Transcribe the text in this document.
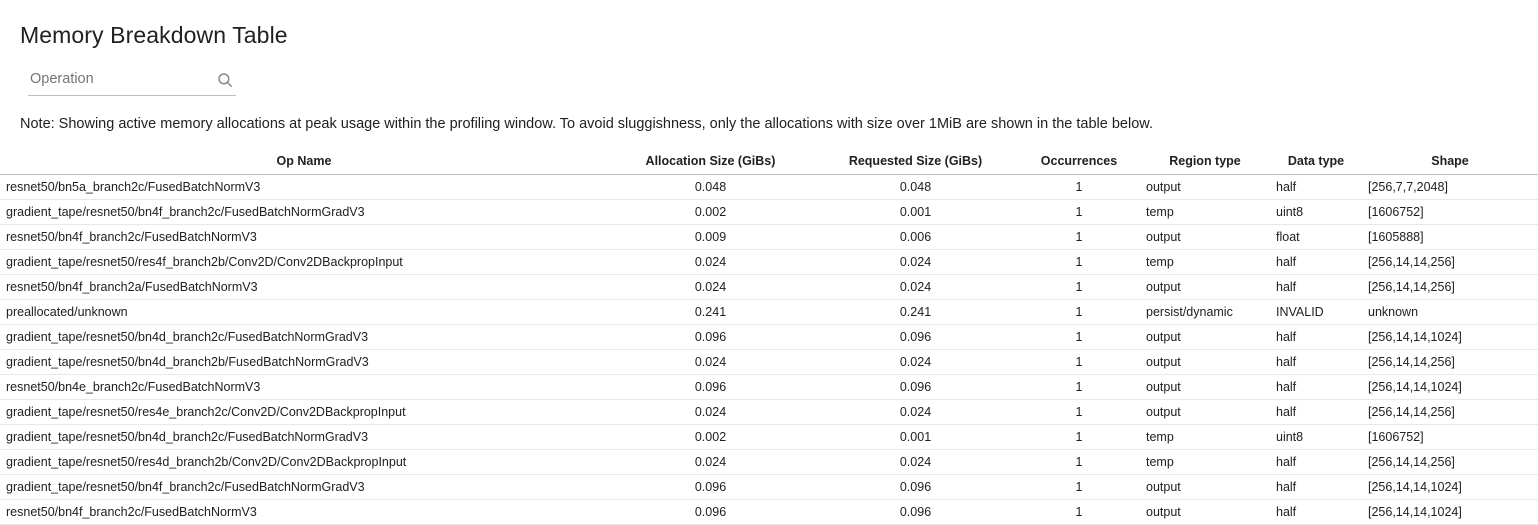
Memory Breakdown Table
Operation
Note: Showing active memory allocations at peak usage within the profiling window. To avoid sluggishness, only the allocations with size over 1MiB are shown in the table below.
Op Name	Allocation Size (GiBs)	Requested Size (GiBs)	Occurrences	Region type	Data type	Shape
resnet50/bn5a_branch2c/FusedBatchNormV3	0.048	0.048	1	output	half	[256,7,7,2048]
gradient_tape/resnet50/bn4f_branch2c/FusedBatchNormGradV3	0.002	0.001	1	temp	uint8	[1606752]
resnet50/bn4f_branch2c/FusedBatchNormV3	0.009	0.006	1	output	float	[1605888]
gradient_tape/resnet50/res4f_branch2b/Conv2D/Conv2DBackpropInput	0.024	0.024	1	temp	half	[256,14,14,256]
resnet50/bn4f_branch2a/FusedBatchNormV3	0.024	0.024	1	output	half	[256,14,14,256]
preallocated/unknown	0.241	0.241	1	persist/dynamic	INVALID	unknown
gradient_tape/resnet50/bn4d_branch2c/FusedBatchNormGradV3	0.096	0.096	1	output	half	[256,14,14,1024]
gradient_tape/resnet50/bn4d_branch2b/FusedBatchNormGradV3	0.024	0.024	1	output	half	[256,14,14,256]
resnet50/bn4e_branch2c/FusedBatchNormV3	0.096	0.096	1	output	half	[256,14,14,1024]
gradient_tape/resnet50/res4e_branch2c/Conv2D/Conv2DBackpropInput	0.024	0.024	1	output	half	[256,14,14,256]
gradient_tape/resnet50/bn4d_branch2c/FusedBatchNormGradV3	0.002	0.001	1	temp	uint8	[1606752]
gradient_tape/resnet50/res4d_branch2b/Conv2D/Conv2DBackpropInput	0.024	0.024	1	temp	half	[256,14,14,256]
gradient_tape/resnet50/bn4f_branch2c/FusedBatchNormGradV3	0.096	0.096	1	output	half	[256,14,14,1024]
resnet50/bn4f_branch2c/FusedBatchNormV3	0.096	0.096	1	output	half	[256,14,14,1024]
